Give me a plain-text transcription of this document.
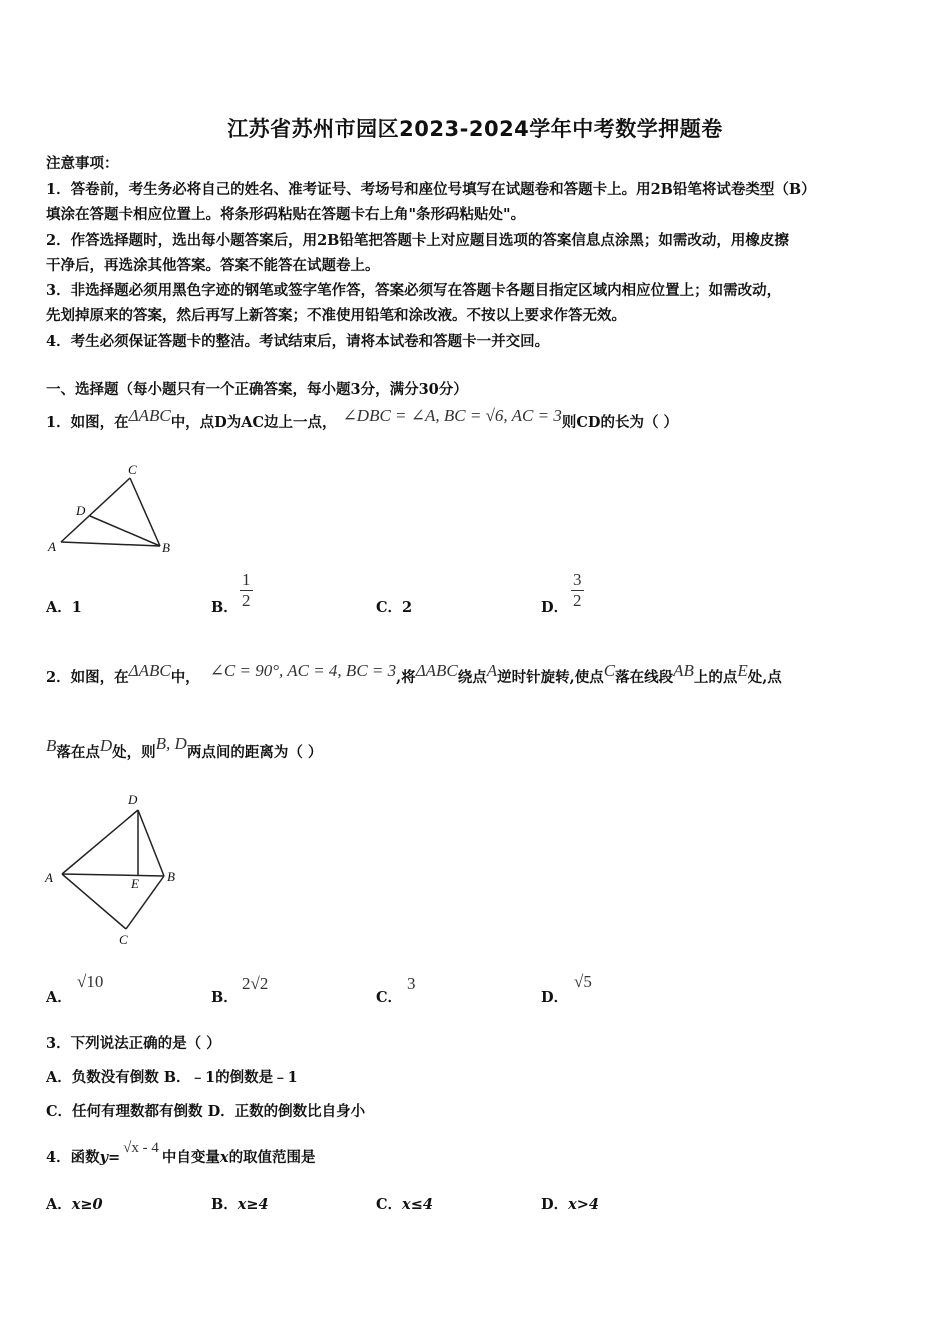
江苏省苏州市园区2023-2024学年中考数学押题卷
注意事项：
1．答卷前，考生务必将自己的姓名、准考证号、考场号和座位号填写在试题卷和答题卡上。用2B铅笔将试卷类型（B）
填涂在答题卡相应位置上。将条形码粘贴在答题卡右上角"条形码粘贴处"。
2．作答选择题时，选出每小题答案后，用2B铅笔把答题卡上对应题目选项的答案信息点涂黑；如需改动，用橡皮擦
干净后，再选涂其他答案。答案不能答在试题卷上。
3．非选择题必须用黑色字迹的钢笔或签字笔作答，答案必须写在答题卡各题目指定区域内相应位置上；如需改动，
先划掉原来的答案，然后再写上新答案；不准使用铅笔和涂改液。不按以上要求作答无效。
4．考生必须保证答题卡的整洁。考试结束后，请将本试卷和答题卡一并交回。
一、选择题（每小题只有一个正确答案，每小题3分，满分30分）
1．如图，在ΔABC中，点D为AC边上一点， ∠DBC = ∠A, BC = √6, AC = 3则CD的长为（ ）
C
D
A	B
A．1	B． $\frac{1}{2}$	C．2	D． $\frac{3}{2}$
2．如图，在ΔABC中， ∠C = 90°, AC = 4, BC = 3,将ΔABC绕点A逆时针旋转,使点C落在线段AB上的点E处,点
B落在点D处，则B, D两点间的距离为（ ）
D
A	E B
C
A．
√10
B．
2√2
C．
3
D．
√5
3．下列说法正确的是（ ）
A．负数没有倒数 B．﹣1的倒数是﹣1
C．任何有理数都有倒数 D．正数的倒数比自身小
4．函数y=√x - 4中自变量x的取值范围是
A．x≥0	B．x≥4	C．x≤4	D．x>4
